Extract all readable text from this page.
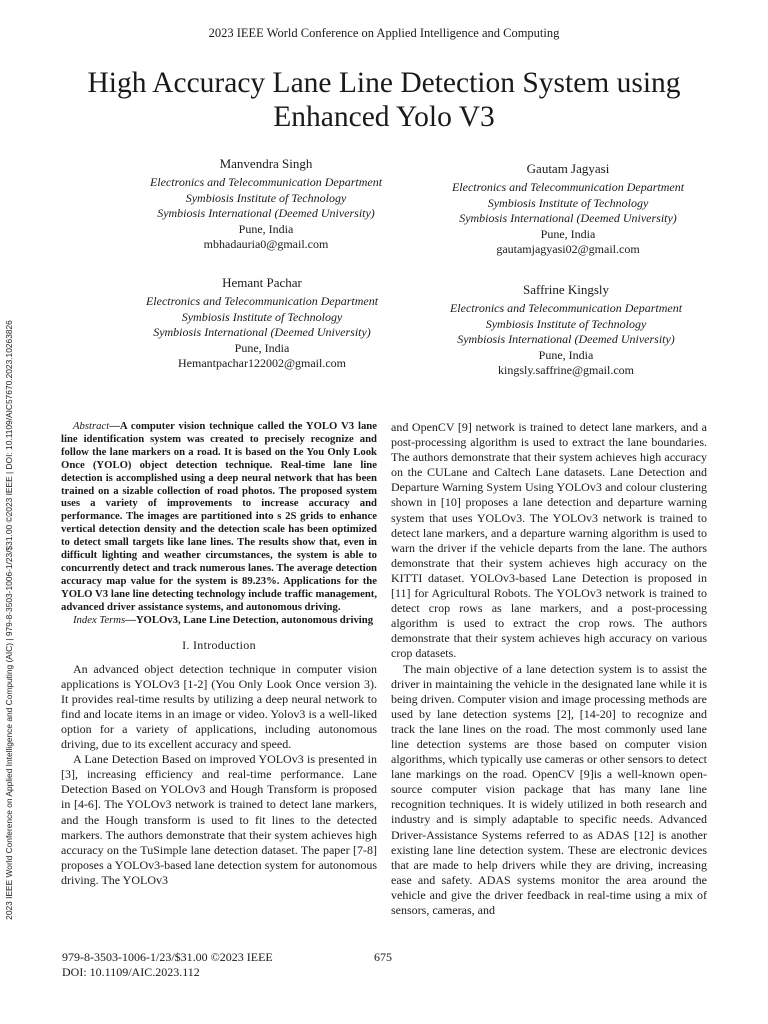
2023 IEEE World Conference on Applied Intelligence and Computing
High Accuracy Lane Line Detection System using Enhanced Yolo V3
Manvendra Singh
Electronics and Telecommunication Department
Symbiosis Institute of Technology
Symbiosis International (Deemed University)
Pune, India
mbhadauria0@gmail.com
Gautam Jagyasi
Electronics and Telecommunication Department
Symbiosis Institute of Technology
Symbiosis International (Deemed University)
Pune, India
gautamjagyasi02@gmail.com
Hemant Pachar
Electronics and Telecommunication Department
Symbiosis Institute of Technology
Symbiosis International (Deemed University)
Pune, India
Hemantpachar122002@gmail.com
Saffrine Kingsly
Electronics and Telecommunication Department
Symbiosis Institute of Technology
Symbiosis International (Deemed University)
Pune, India
kingsly.saffrine@gmail.com
2023 IEEE World Conference on Applied Intelligence and Computing (AIC) | 979-8-3503-1006-1/23/$31.00 ©2023 IEEE | DOI: 10.1109/AIC57670.2023.10263826	Abstract—A computer vision technique called the YOLO V3 lane line identification system was created to precisely recognize and follow the lane markers on a road. It is based on the You Only Look Once (YOLO) object detection technique. Real-time lane line detection is accomplished using a deep neural network that has been trained on a sizable collection of road photos. The proposed system uses a variety of improvements to increase accuracy and performance. The images are partitioned into s 2S grids to enhance vertical detection density and the detection scale has been optimized to detect small targets like lane lines. The results show that, even in difficult lighting and weather circumstances, the system is able to concurrently detect and track numerous lanes. The average detection accuracy map value for the system is 89.23%. Applications for the YOLO V3 lane line detecting technology include traffic management, advanced driver assistance systems, and autonomous driving.

Index Terms—YOLOv3, Lane Line Detection, autonomous driving

I. Introduction

An advanced object detection technique in computer vision applications is YOLOv3 [1-2] (You Only Look Once version 3). It provides real-time results by utilizing a deep neural network to find and locate items in an image or video. Yolov3 is a well-liked option for a variety of applications, including autonomous driving, due to its excellent accuracy and speed.

A Lane Detection Based on improved YOLOv3 is presented in [3], increasing efficiency and real-time performance. Lane Detection Based on YOLOv3 and Hough Transform is proposed in [4-6]. The YOLOv3 network is trained to detect lane markers, and the Hough transform is used to fit lines to the detected markers. The authors demonstrate that their system achieves high accuracy on the TuSimple lane detection dataset. The paper [7-8] proposes a YOLOv3-based lane detection system for autonomous driving. The YOLOv3

and OpenCV [9] network is trained to detect lane markers, and a post-processing algorithm is used to extract the lane boundaries. The authors demonstrate that their system achieves high accuracy on the CULane and Caltech Lane datasets. Lane Detection and Departure Warning System Using YOLOv3 and colour clustering shown in [10] proposes a lane detection and departure warning system that uses YOLOv3. The YOLOv3 network is trained to detect lane markers, and a departure warning algorithm is used to warn the driver if the vehicle departs from the lane. The authors demonstrate that their system achieves high accuracy on the KITTI dataset. YOLOv3-based Lane Detection is proposed in [11] for Agricultural Robots. The YOLOv3 network is trained to detect crop rows as lane markers, and a post-processing algorithm is used to extract the crop rows. The authors demonstrate that their system achieves high accuracy on various crop datasets.

The main objective of a lane detection system is to assist the driver in maintaining the vehicle in the designated lane while it is being driven. Computer vision and image processing methods are used by lane detection systems [2], [14-20] to recognize and track the lane lines on the road. The most commonly used lane line detection systems are those based on computer vision algorithms, which typically use cameras or other sensors to detect lane markings on the road. OpenCV [9]is a well-known open-source computer vision package that has many lane line recognition techniques. It is widely utilized in both research and industry and is simply adaptable to specific needs. Advanced Driver-Assistance Systems referred to as ADAS [12] is another existing lane line detection system. These are electronic devices that are made to help drivers while they are driving, increasing ease and safety. ADAS systems monitor the area around the vehicle and give the driver feedback in real-time using a mix of sensors, cameras, and

979-8-3503-1006-1/23/$31.00 ©2023 IEEE
DOI: 10.1109/AIC.2023.112
675
